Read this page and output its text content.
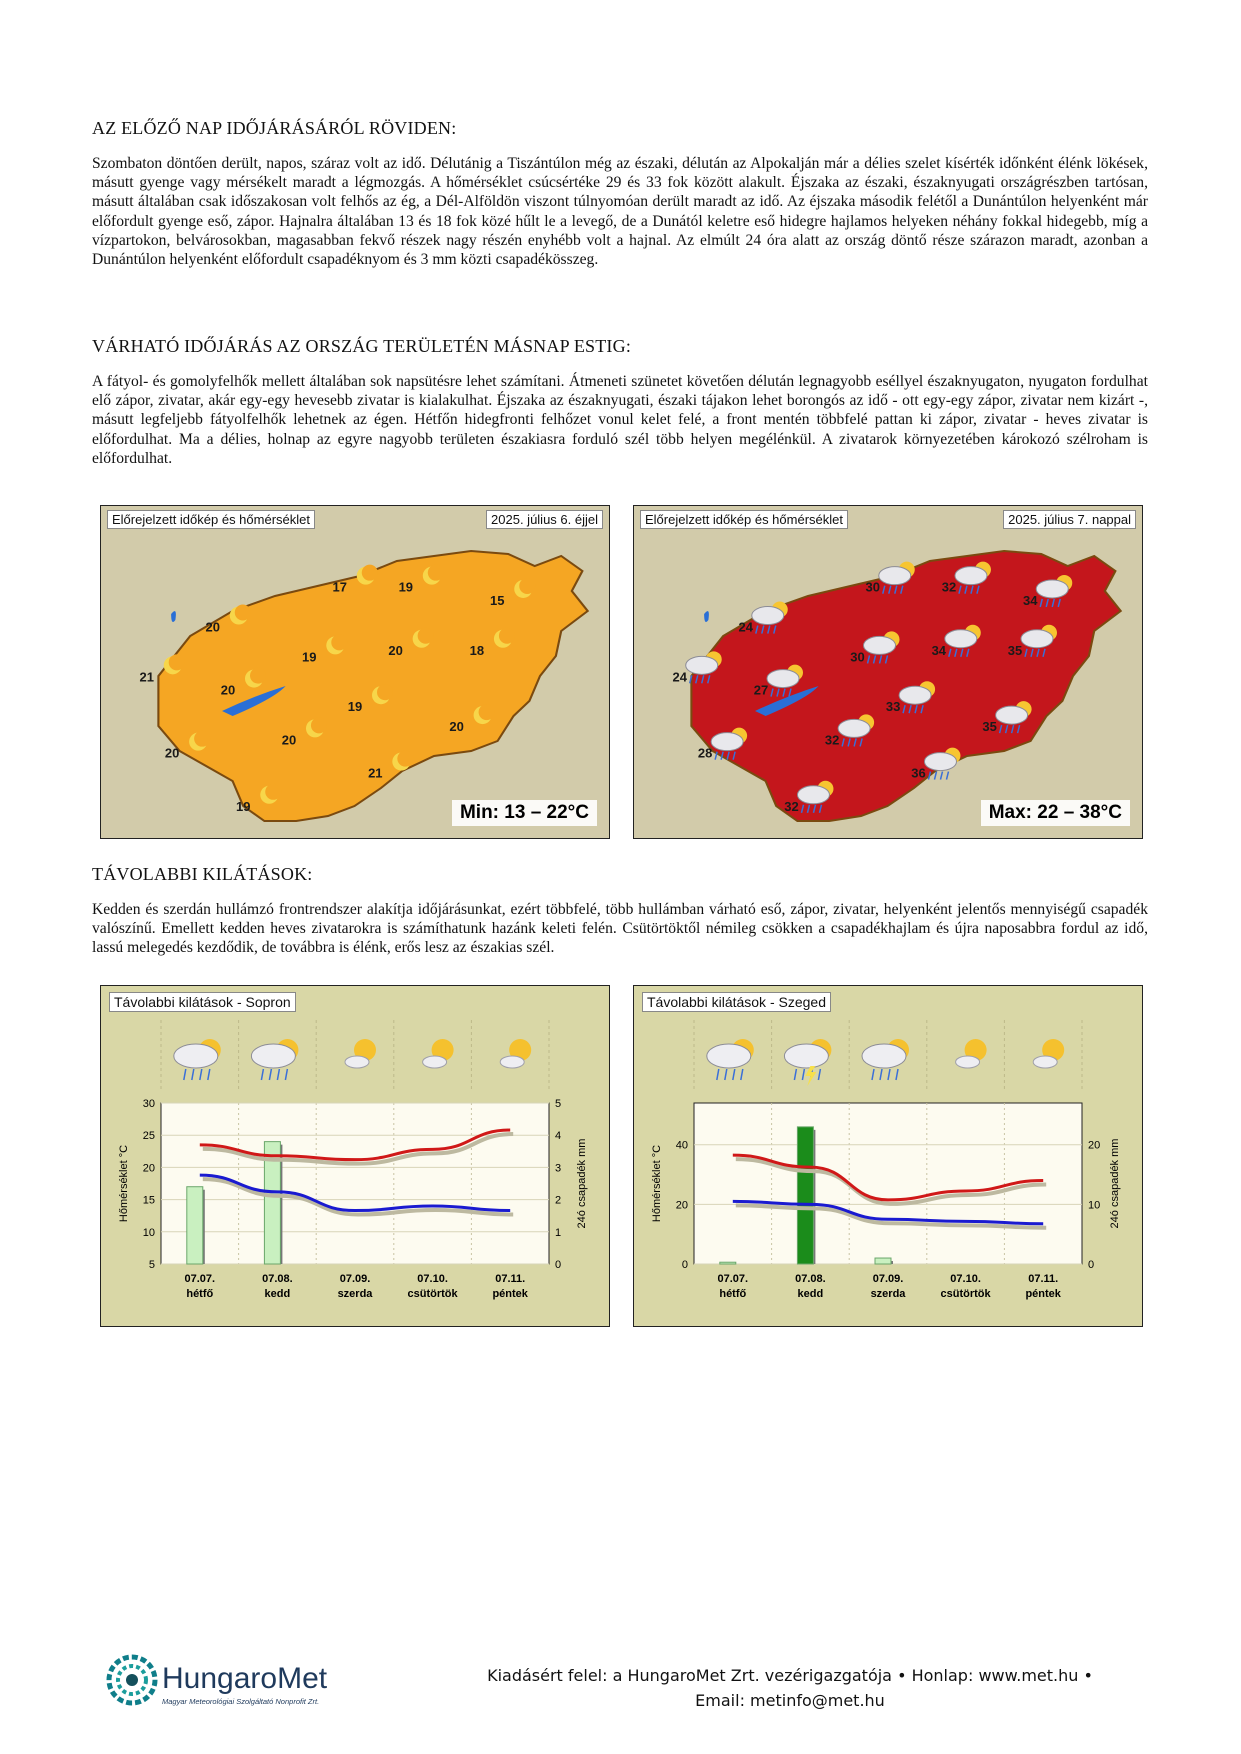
AZ ELŐZŐ NAP IDŐJÁRÁSÁRÓL RÖVIDEN:

Szombaton döntően derült, napos, száraz volt az idő. Délutánig a Tiszántúlon még az északi, délután az Alpokalján már a délies szelet kísérték időnként élénk lökések, másutt gyenge vagy mérsékelt maradt a légmozgás. A hőmérséklet csúcsértéke 29 és 33 fok között alakult. Éjszaka az északi, északnyugati országrészben tartósan, másutt általában csak időszakosan volt felhős az ég, a Dél-Alföldön viszont túlnyomóan derült maradt az idő. Az éjszaka második felétől a Dunántúlon helyenként már előfordult gyenge eső, zápor. Hajnalra általában 13 és 18 fok közé hűlt le a levegő, de a Dunától keletre eső hidegre hajlamos helyeken néhány fokkal hidegebb, míg a vízpartokon, belvárosokban, magasabban fekvő részek nagy részén enyhébb volt a hajnal. Az elmúlt 24 óra alatt az ország döntő része szárazon maradt, azonban a Dunántúlon helyenként előfordult csapadéknyom és 3 mm közti csapadékösszeg.

VÁRHATÓ IDŐJÁRÁS AZ ORSZÁG TERÜLETÉN MÁSNAP ESTIG:

A fátyol- és gomolyfelhők mellett általában sok napsütésre lehet számítani. Átmeneti szünetet követően délután legnagyobb eséllyel északnyugaton, nyugaton fordulhat elő zápor, zivatar, akár egy-egy hevesebb zivatar is kialakulhat. Éjszaka az északnyugati, északi tájakon lehet borongós az idő - ott egy-egy zápor, zivatar nem kizárt -, másutt legfeljebb fátyolfelhők lehetnek az égen. Hétfőn hidegfronti felhőzet vonul kelet felé, a front mentén többfelé pattan ki zápor, zivatar - heves zivatar is előfordulhat. Ma a délies, holnap az egyre nagyobb területen északiasra forduló szél több helyen megélénkül. A zivatarok környezetében károkozó szélroham is előfordulhat.

17	19
15
20
19	20	18
21
20
19
20
20
20
21
19
Előrejelzett időkép és hőmérséklet	2025. július 6. éjjel
Min: 13 – 22°C
30	32
34
24
30	34	35
24
27
33
35
28
32
36
32
Előrejelzett időkép és hőmérséklet	2025. július 7. nappal
Max: 22 – 38°C
TÁVOLABBI KILÁTÁSOK:

Kedden és szerdán hullámzó frontrendszer alakítja időjárásunkat, ezért többfelé, több hullámban várható eső, zápor, zivatar, helyenként jelentős mennyiségű csapadék valószínű. Emellett kedden heves zivatarokra is számíthatunk hazánk keleti felén. Csütörtöktől némileg csökken a csapadékhajlam és újra naposabbra fordul az idő, lassú melegedés kezdődik, de továbbra is élénk, erős lesz az északias szél.

5
10
15
20
25
30
0
1
2
3
4
5
Hőmérséklet °C	24ó csapadék mm
07.07.
hétfő
07.08.
kedd
07.09.
szerda
07.10.
csütörtök
07.11.
péntek
Távolabbi kilátások - Sopron
0
20
40
0
10
20
Hőmérséklet °C	24ó csapadék mm
07.07.
hétfő
07.08.
kedd
07.09.
szerda
07.10.
csütörtök
07.11.
péntek
Távolabbi kilátások - Szeged
HungaroMet
Magyar Meteorológiai Szolgáltató Nonprofit Zrt.
Kiadásért felel: a HungaroMet Zrt. vezérigazgatója • Honlap: www.met.hu •
Email: metinfo@met.hu
